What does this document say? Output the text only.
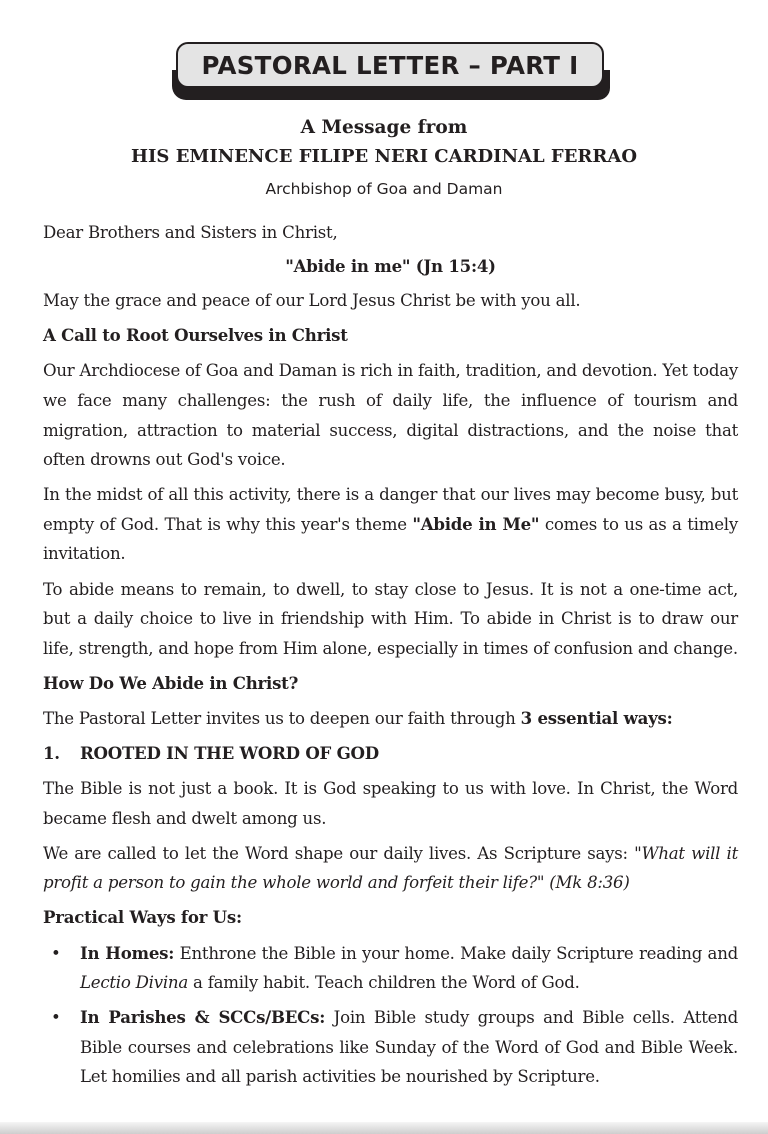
PASTORAL LETTER – PART I
A Message from
HIS EMINENCE FILIPE NERI CARDINAL FERRAO
Archbishop of Goa and Daman

Dear Brothers and Sisters in Christ,

"Abide in me" (Jn 15:4)

May the grace and peace of our Lord Jesus Christ be with you all.

A Call to Root Ourselves in Christ

Our Archdiocese of Goa and Daman is rich in faith, tradition, and devotion. Yet today we face many challenges: the rush of daily life, the influence of tourism and migration, attraction to material success, digital distractions, and the noise that often drowns out God's voice.

In the midst of all this activity, there is a danger that our lives may become busy, but empty of God. That is why this year's theme "Abide in Me" comes to us as a timely invitation.

To abide means to remain, to dwell, to stay close to Jesus. It is not a one-time act, but a daily choice to live in friendship with Him. To abide in Christ is to draw our life, strength, and hope from Him alone, especially in times of confusion and change.

How Do We Abide in Christ?

The Pastoral Letter invites us to deepen our faith through 3 essential ways:

1.	ROOTED IN THE WORD OF GOD

The Bible is not just a book. It is God speaking to us with love. In Christ, the Word became flesh and dwelt among us.

We are called to let the Word shape our daily lives. As Scripture says: "What will it profit a person to gain the whole world and forfeit their life?" (Mk 8:36)

Practical Ways for Us:

• In Homes: Enthrone the Bible in your home. Make daily Scripture reading and Lectio Divina a family habit. Teach children the Word of God.
• In Parishes & SCCs/BECs: Join Bible study groups and Bible cells. Attend Bible courses and celebrations like Sunday of the Word of God and Bible Week. Let homilies and all parish activities be nourished by Scripture.
